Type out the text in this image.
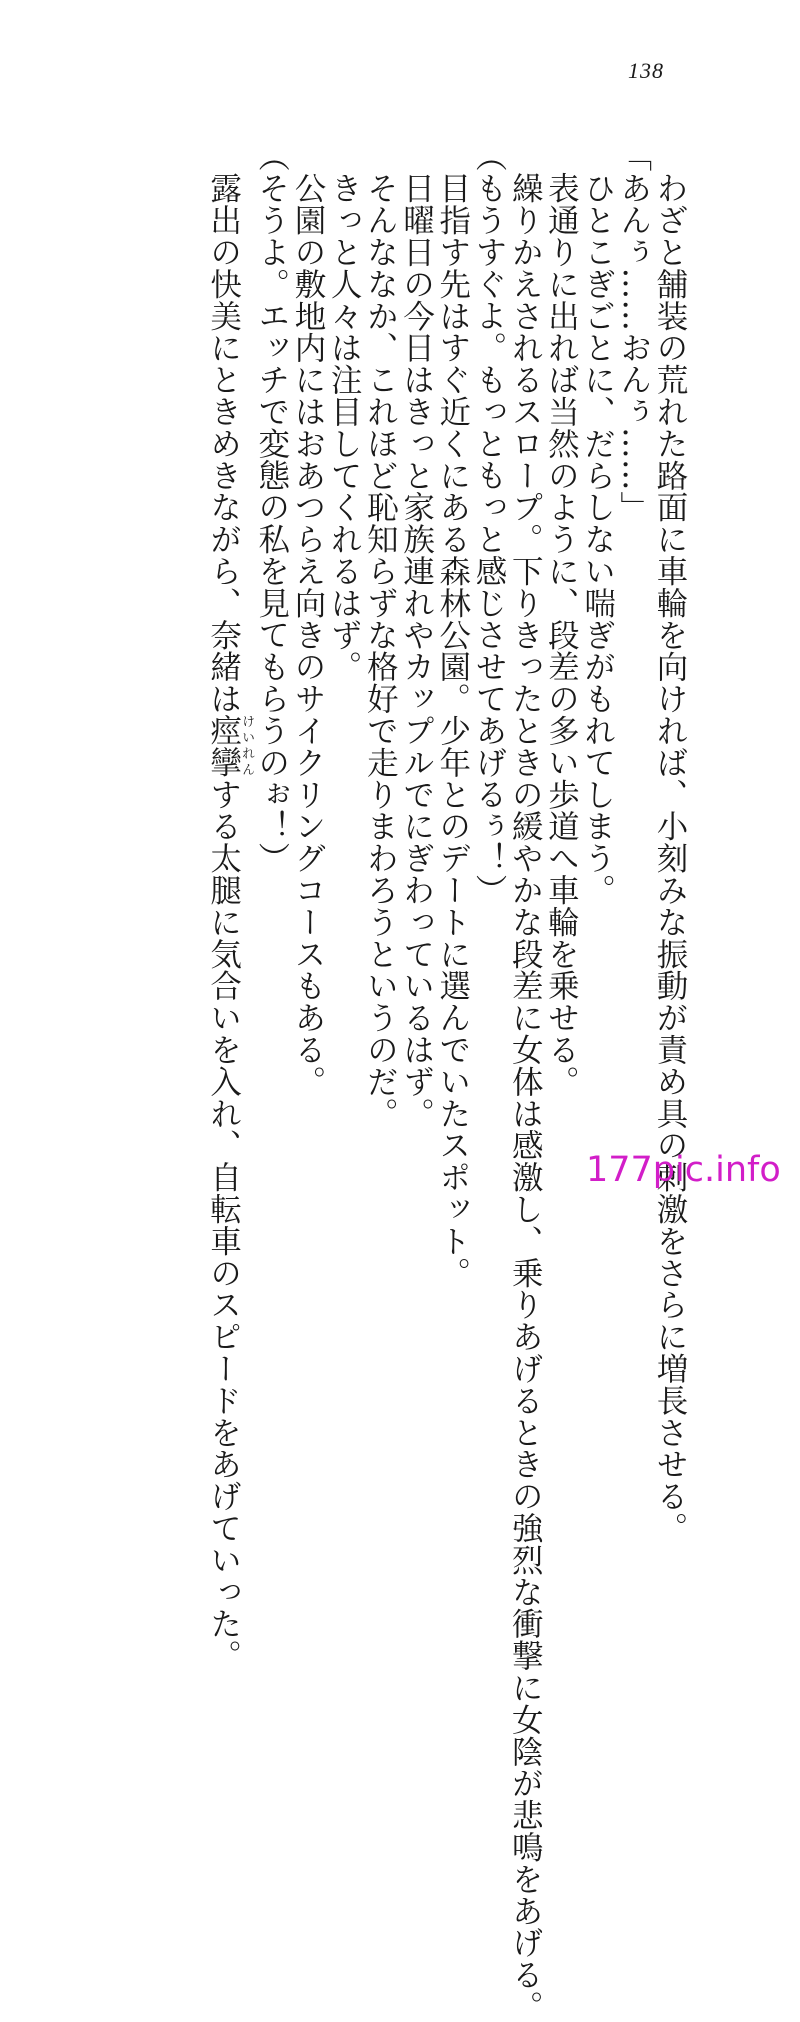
138

わざと舗装の荒れた路面に車輪を向ければ、小刻みな振動が責め具の刺激をさらに増長させる。

「あんぅ……おんぅ……」

ひとこぎごとに、だらしない喘ぎがもれてしまう。

表通りに出れば当然のように、段差の多い歩道へ車輪を乗せる。

繰りかえされるスロープ。下りきったときの緩やかな段差に女体は感激し、乗りあげるときの強烈な衝撃に女陰が悲鳴をあげる。

（もうすぐよ。もっともっと感じさせてあげるぅ！）

目指す先はすぐ近くにある森林公園。少年とのデートに選んでいたスポット。

日曜日の今日はきっと家族連れやカップルでにぎわっているはず。

そんななか、これほど恥知らずな格好で走りまわろうというのだ。

きっと人々は注目してくれるはず。

公園の敷地内にはおあつらえ向きのサイクリングコースもある。

（そうよ。エッチで変態の私を見てもらうのぉ！）

露出の快美にときめきながら、奈緒は痙攣けいれんする太腿に気合いを入れ、自転車のスピードをあげていった。	177pic.info
